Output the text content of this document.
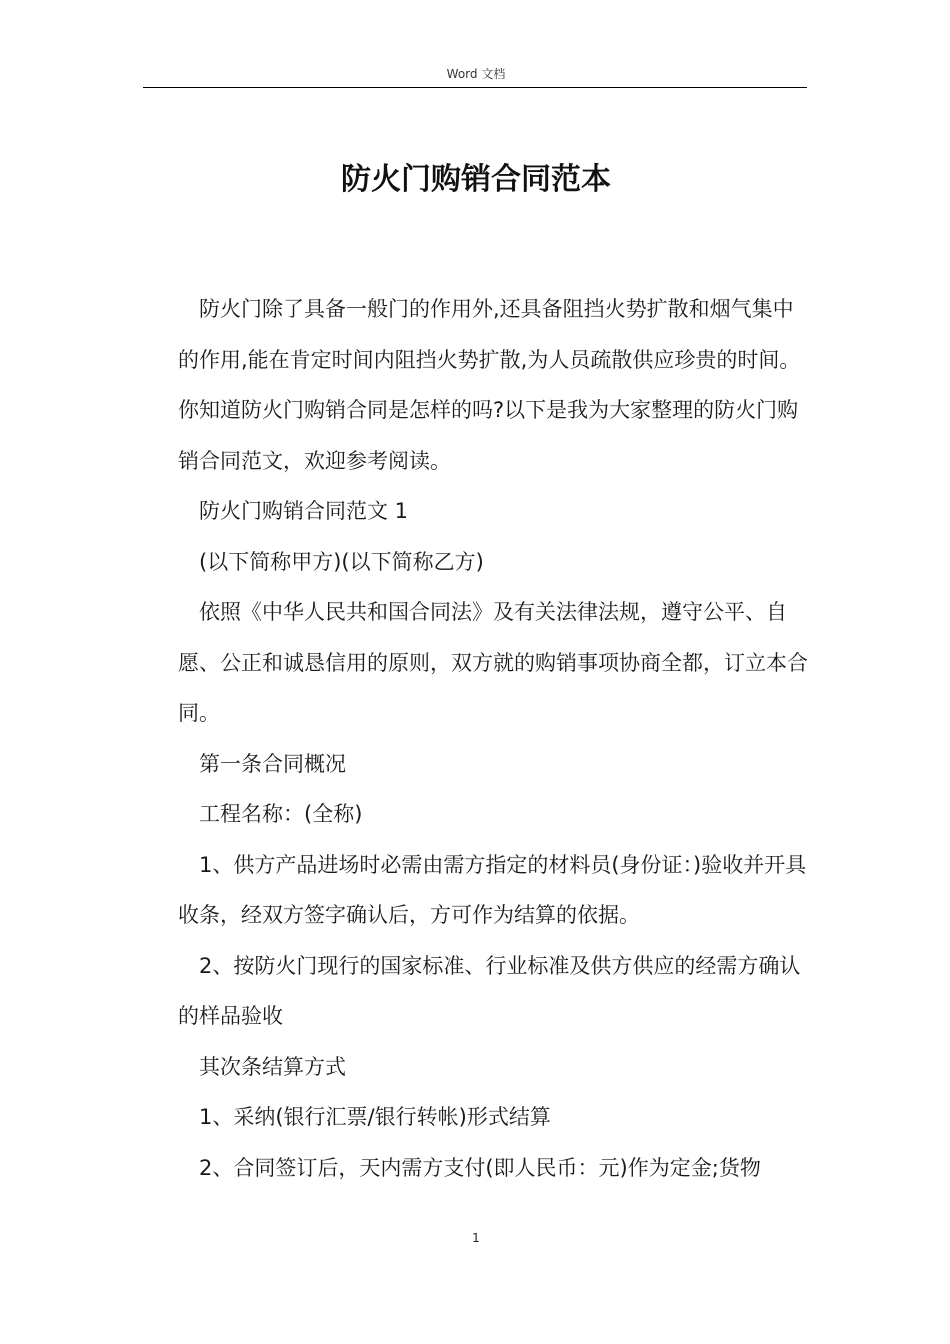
Word 文档
防火门购销合同范本

防火门除了具备一般门的作用外,还具备阻挡火势扩散和烟气集中的作用,能在肯定时间内阻挡火势扩散,为人员疏散供应珍贵的时间。你知道防火门购销合同是怎样的吗?以下是我为大家整理的防火门购销合同范文，欢迎参考阅读。

防火门购销合同范文 1

(以下简称甲方)(以下简称乙方)

依照《中华人民共和国合同法》及有关法律法规，遵守公平、自愿、公正和诚恳信用的原则，双方就的购销事项协商全都，订立本合同。

第一条合同概况

工程名称：(全称)

1、供方产品进场时必需由需方指定的材料员(身份证：)验收并开具收条，经双方签字确认后，方可作为结算的依据。

2、按防火门现行的国家标准、行业标准及供方供应的经需方确认的样品验收

其次条结算方式

1、采纳(银行汇票/银行转帐)形式结算

2、合同签订后，天内需方支付(即人民币：元)作为定金;货物

1
